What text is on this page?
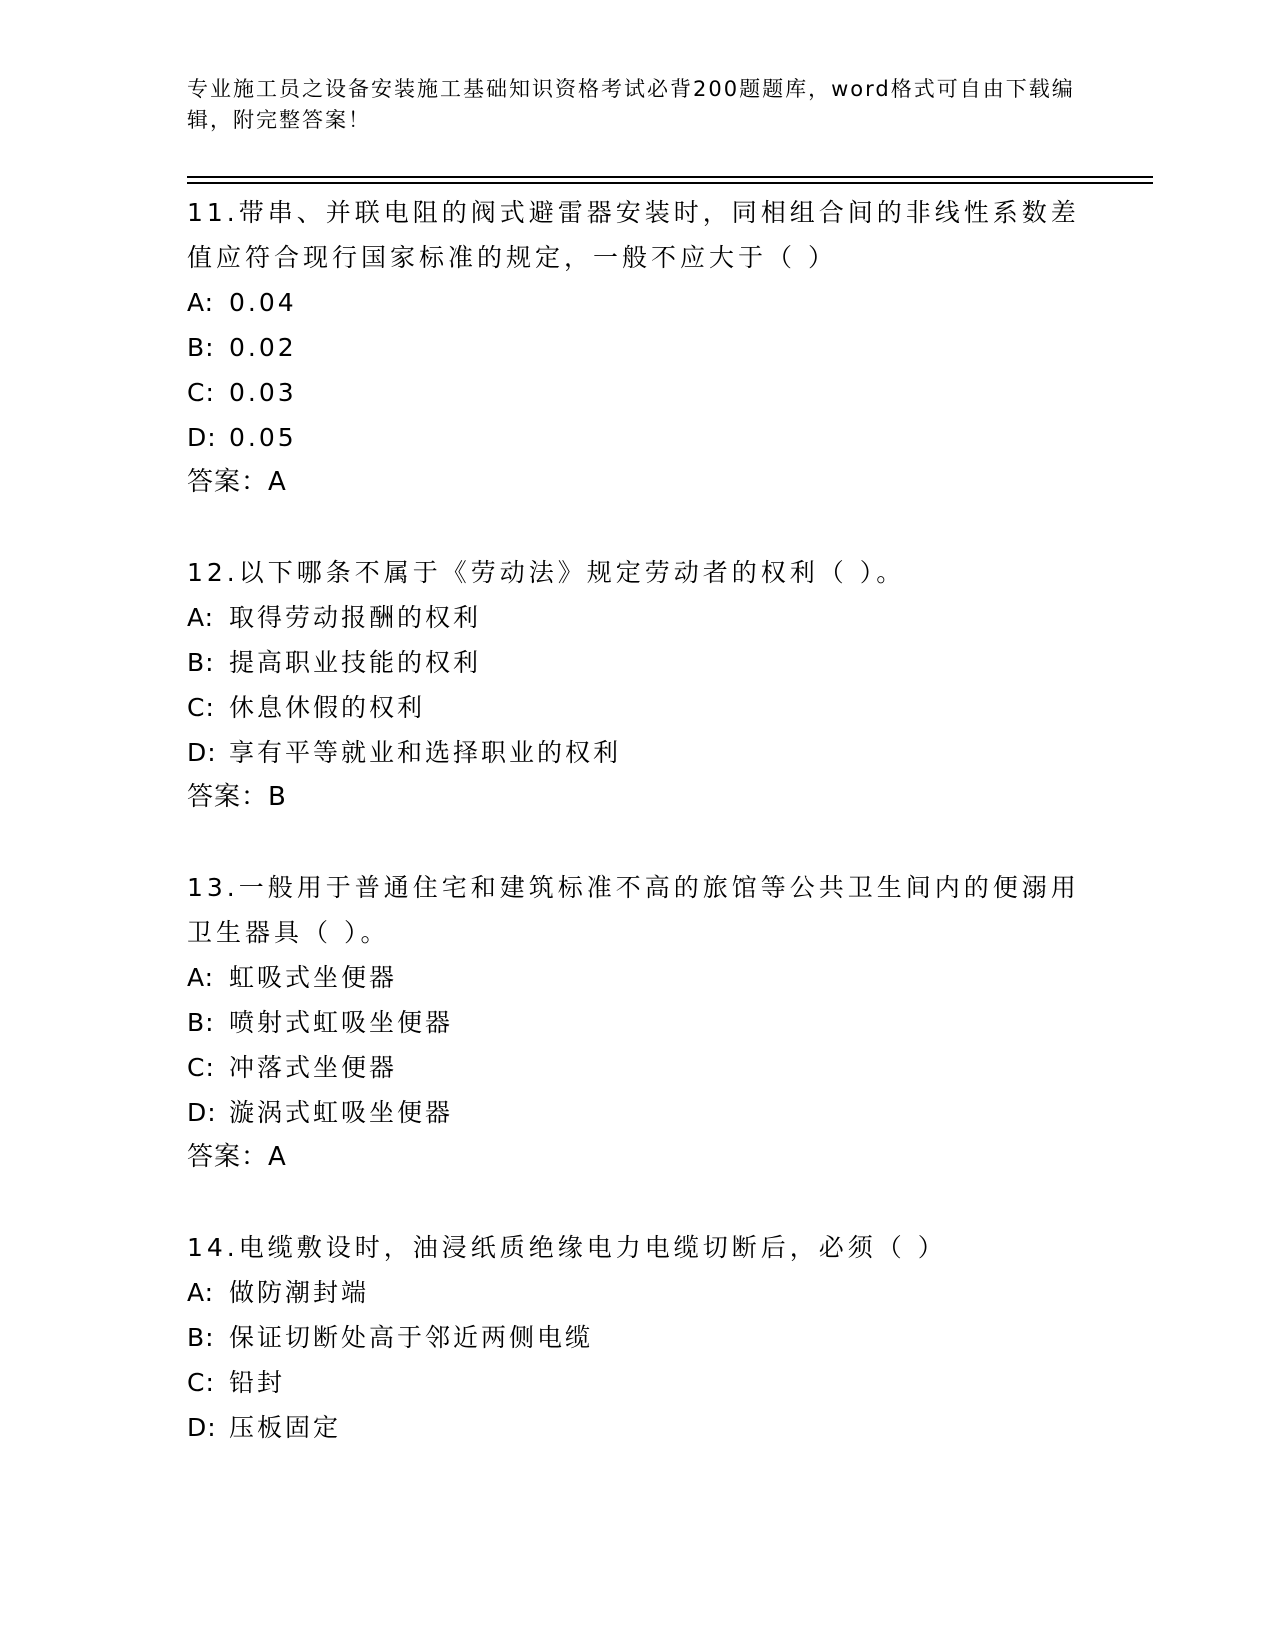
专业施工员之设备安装施工基础知识资格考试必背200题题库，word格式可自由下载编辑，附完整答案！

11.带串、并联电阻的阀式避雷器安装时，同相组合间的非线性系数差值应符合现行国家标准的规定，一般不应大于（ ）

A: 0.04

B: 0.02

C: 0.03

D: 0.05

答案：A

12.以下哪条不属于《劳动法》规定劳动者的权利（ ）。

A: 取得劳动报酬的权利

B: 提高职业技能的权利

C: 休息休假的权利

D: 享有平等就业和选择职业的权利

答案：B

13.一般用于普通住宅和建筑标准不高的旅馆等公共卫生间内的便溺用卫生器具（ ）。

A: 虹吸式坐便器

B: 喷射式虹吸坐便器

C: 冲落式坐便器

D: 漩涡式虹吸坐便器

答案：A

14.电缆敷设时，油浸纸质绝缘电力电缆切断后，必须（ ）

A: 做防潮封端

B: 保证切断处高于邻近两侧电缆

C: 铅封

D: 压板固定
